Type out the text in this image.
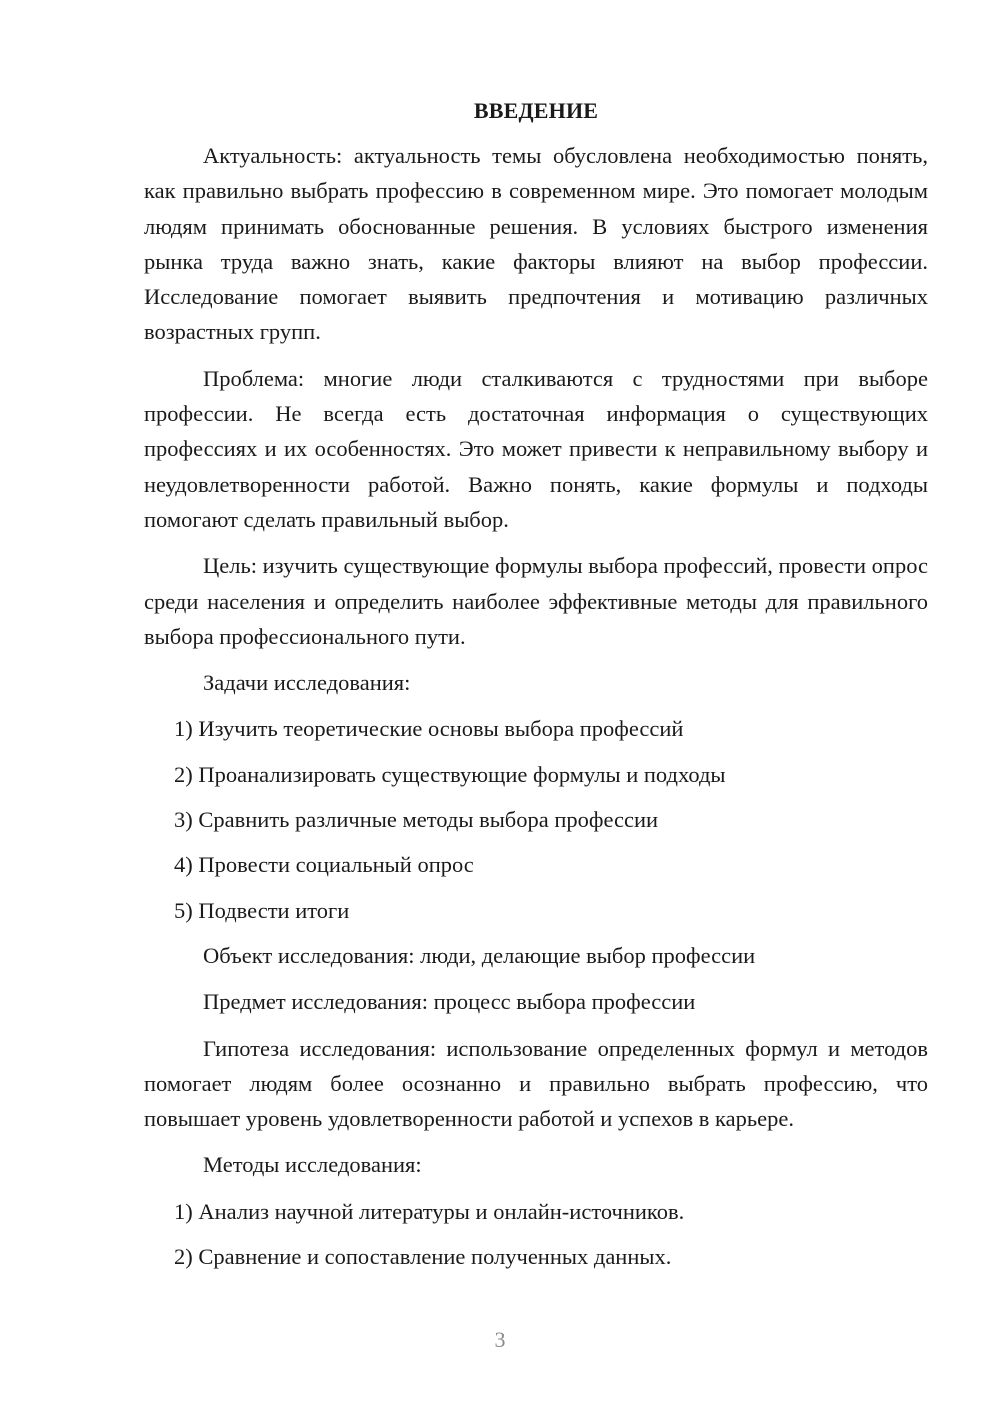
ВВЕДЕНИЕ

Актуальность: актуальность темы обусловлена необходимостью понять, как правильно выбрать профессию в современном мире. Это помогает молодым людям принимать обоснованные решения. В условиях быстрого изменения рынка труда важно знать, какие факторы влияют на выбор профессии. Исследование помогает выявить предпочтения и мотивацию различных возрастных групп.

Проблема: многие люди сталкиваются с трудностями при выборе профессии. Не всегда есть достаточная информация о существующих профессиях и их особенностях. Это может привести к неправильному выбору и неудовлетворенности работой. Важно понять, какие формулы и подходы помогают сделать правильный выбор.

Цель: изучить существующие формулы выбора профессий, провести опрос среди населения и определить наиболее эффективные методы для правильного выбора профессионального пути.

Задачи исследования:

1) Изучить теоретические основы выбора профессий

2) Проанализировать существующие формулы и подходы

3) Сравнить различные методы выбора профессии

4) Провести социальный опрос

5) Подвести итоги

Объект исследования: люди, делающие выбор профессии

Предмет исследования: процесс выбора профессии

Гипотеза исследования: использование определенных формул и методов помогает людям более осознанно и правильно выбрать профессию, что повышает уровень удовлетворенности работой и успехов в карьере.

Методы исследования:

1) Анализ научной литературы и онлайн-источников.

2) Сравнение и сопоставление полученных данных.

3
